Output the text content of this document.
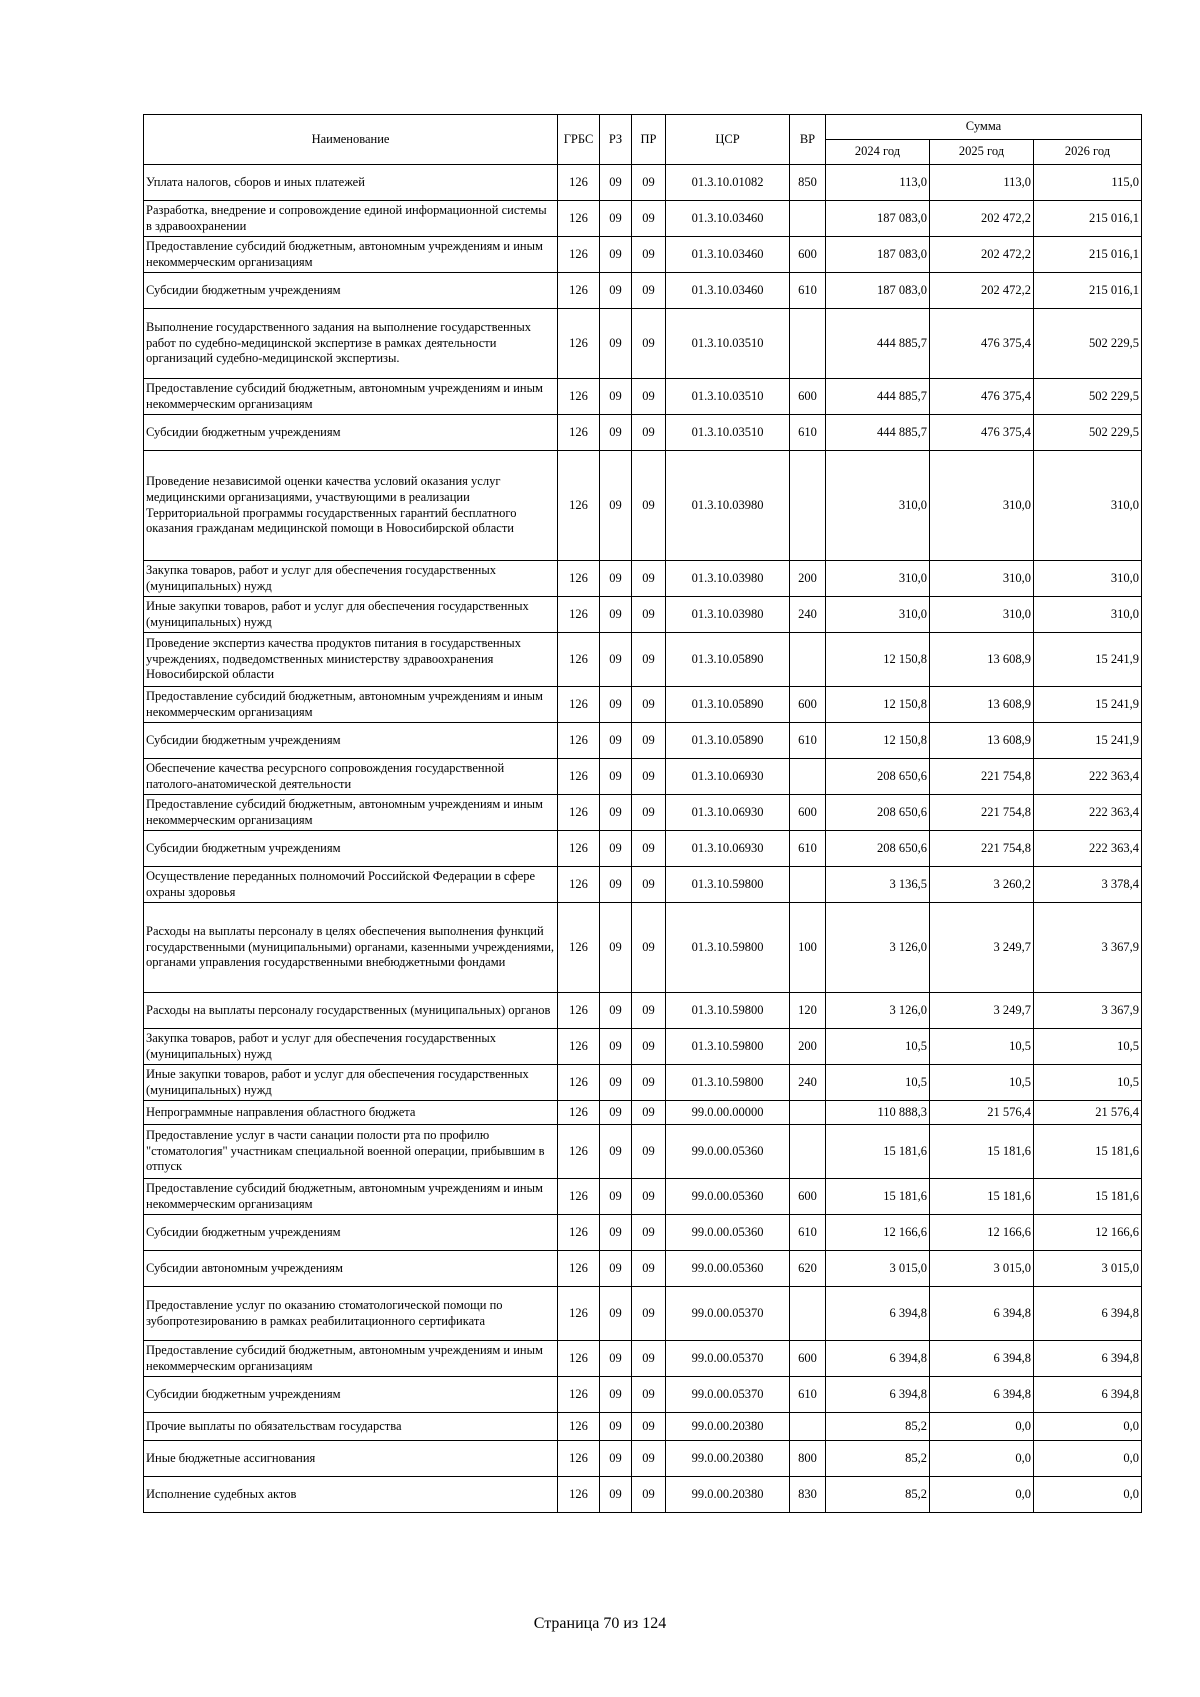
Наименование	ГРБС	РЗ	ПР	ЦСР	ВР	Сумма		
						2024 год	2025 год	2026 год
Уплата налогов, сборов и иных платежей	126	09	09	01.3.10.01082	850	113,0	113,0	115,0
Разработка, внедрение и сопровождение единой информационной системы в здравоохранении	126	09	09	01.3.10.03460		187 083,0	202 472,2	215 016,1
Предоставление субсидий бюджетным, автономным учреждениям и иным некоммерческим организациям	126	09	09	01.3.10.03460	600	187 083,0	202 472,2	215 016,1
Субсидии бюджетным учреждениям	126	09	09	01.3.10.03460	610	187 083,0	202 472,2	215 016,1
Выполнение государственного задания на выполнение государственных работ по судебно-медицинской экспертизе в рамках деятельности организаций судебно-медицинской экспертизы.	126	09	09	01.3.10.03510		444 885,7	476 375,4	502 229,5
Предоставление субсидий бюджетным, автономным учреждениям и иным некоммерческим организациям	126	09	09	01.3.10.03510	600	444 885,7	476 375,4	502 229,5
Субсидии бюджетным учреждениям	126	09	09	01.3.10.03510	610	444 885,7	476 375,4	502 229,5
Проведение независимой оценки качества условий оказания услуг медицинскими организациями, участвующими в реализации Территориальной программы государственных гарантий бесплатного оказания гражданам медицинской помощи в Новосибирской области	126	09	09	01.3.10.03980		310,0	310,0	310,0
Закупка товаров, работ и услуг для обеспечения государственных (муниципальных) нужд	126	09	09	01.3.10.03980	200	310,0	310,0	310,0
Иные закупки товаров, работ и услуг для обеспечения государственных (муниципальных) нужд	126	09	09	01.3.10.03980	240	310,0	310,0	310,0
Проведение экспертиз качества продуктов питания в государственных учреждениях, подведомственных министерству здравоохранения Новосибирской области	126	09	09	01.3.10.05890		12 150,8	13 608,9	15 241,9
Предоставление субсидий бюджетным, автономным учреждениям и иным некоммерческим организациям	126	09	09	01.3.10.05890	600	12 150,8	13 608,9	15 241,9
Субсидии бюджетным учреждениям	126	09	09	01.3.10.05890	610	12 150,8	13 608,9	15 241,9
Обеспечение качества ресурсного сопровождения государственной патолого-анатомической деятельности	126	09	09	01.3.10.06930		208 650,6	221 754,8	222 363,4
Предоставление субсидий бюджетным, автономным учреждениям и иным некоммерческим организациям	126	09	09	01.3.10.06930	600	208 650,6	221 754,8	222 363,4
Субсидии бюджетным учреждениям	126	09	09	01.3.10.06930	610	208 650,6	221 754,8	222 363,4
Осуществление переданных полномочий Российской Федерации в сфере охраны здоровья	126	09	09	01.3.10.59800		3 136,5	3 260,2	3 378,4
Расходы на выплаты персоналу в целях обеспечения выполнения функций государственными (муниципальными) органами, казенными учреждениями, органами управления государственными внебюджетными фондами	126	09	09	01.3.10.59800	100	3 126,0	3 249,7	3 367,9
Расходы на выплаты персоналу государственных (муниципальных) органов	126	09	09	01.3.10.59800	120	3 126,0	3 249,7	3 367,9
Закупка товаров, работ и услуг для обеспечения государственных (муниципальных) нужд	126	09	09	01.3.10.59800	200	10,5	10,5	10,5
Иные закупки товаров, работ и услуг для обеспечения государственных (муниципальных) нужд	126	09	09	01.3.10.59800	240	10,5	10,5	10,5
Непрограммные направления областного бюджета	126	09	09	99.0.00.00000		110 888,3	21 576,4	21 576,4
Предоставление услуг в части санации полости рта по профилю "стоматология" участникам специальной военной операции, прибывшим в отпуск	126	09	09	99.0.00.05360		15 181,6	15 181,6	15 181,6
Предоставление субсидий бюджетным, автономным учреждениям и иным некоммерческим организациям	126	09	09	99.0.00.05360	600	15 181,6	15 181,6	15 181,6
Субсидии бюджетным учреждениям	126	09	09	99.0.00.05360	610	12 166,6	12 166,6	12 166,6
Субсидии автономным учреждениям	126	09	09	99.0.00.05360	620	3 015,0	3 015,0	3 015,0
Предоставление услуг по оказанию стоматологической помощи по зубопротезированию в рамках реабилитационного сертификата	126	09	09	99.0.00.05370		6 394,8	6 394,8	6 394,8
Предоставление субсидий бюджетным, автономным учреждениям и иным некоммерческим организациям	126	09	09	99.0.00.05370	600	6 394,8	6 394,8	6 394,8
Субсидии бюджетным учреждениям	126	09	09	99.0.00.05370	610	6 394,8	6 394,8	6 394,8
Прочие выплаты по обязательствам государства	126	09	09	99.0.00.20380		85,2	0,0	0,0
Иные бюджетные ассигнования	126	09	09	99.0.00.20380	800	85,2	0,0	0,0
Исполнение судебных актов	126	09	09	99.0.00.20380	830	85,2	0,0	0,0
Страница 70 из 124
